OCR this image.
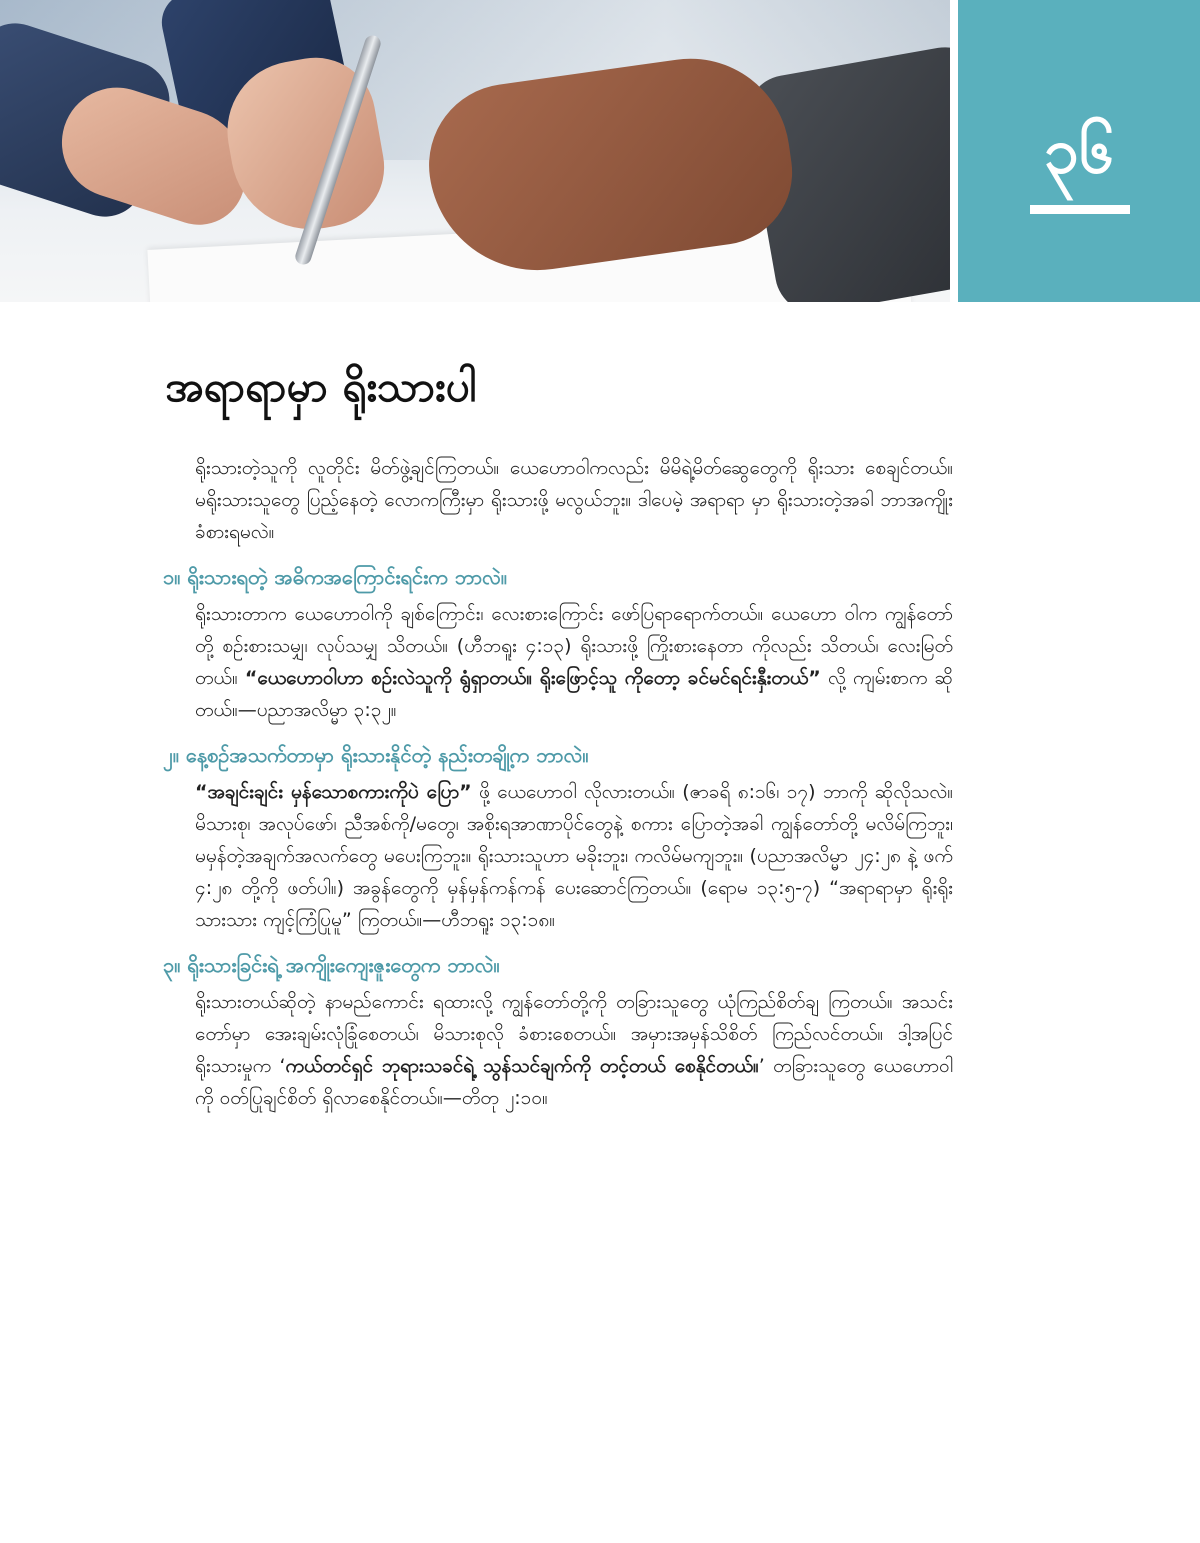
၃၆
အရာရာမှာ ရိုးသားပါ

ရိုးသားတဲ့သူကို လူတိုင်း မိတ်ဖွဲ့ချင်ကြတယ်။ ယေဟောဝါကလည်း မိမိရဲ့မိတ်ဆွေတွေကို ရိုးသား စေချင်တယ်။ မရိုးသားသူတွေ ပြည့်နေတဲ့ လောကကြီးမှာ ရိုးသားဖို့ မလွယ်ဘူး။ ဒါပေမဲ့ အရာရာ မှာ ရိုးသားတဲ့အခါ ဘာအကျိုးခံစားရမလဲ။

၁။ ရိုးသားရတဲ့ အဓိကအကြောင်းရင်းက ဘာလဲ။

ရိုးသားတာက ယေဟောဝါကို ချစ်ကြောင်း၊ လေးစားကြောင်း ဖော်ပြရာရောက်တယ်။ ယေဟော ဝါက ကျွန်တော်တို့ စဉ်းစားသမျှ၊ လုပ်သမျှ သိတယ်။ (ဟီဘရူး ၄:၁၃) ရိုးသားဖို့ ကြိုးစားနေတာ ကိုလည်း သိတယ်၊ လေးမြတ်တယ်။ “ယေဟောဝါဟာ စဉ်းလဲသူကို ရွံရှာတယ်။ ရိုးဖြောင့်သူ ကိုတော့ ခင်မင်ရင်းနှီးတယ်” လို့ ကျမ်းစာက ဆိုတယ်။—ပညာအလိမ္မာ ၃:၃၂။

၂။ နေ့စဉ်အသက်တာမှာ ရိုးသားနိုင်တဲ့ နည်းတချို့က ဘာလဲ။

“အချင်းချင်း မှန်သောစကားကိုပဲ ပြော” ဖို့ ယေဟောဝါ လိုလားတယ်။ (ဇာခရိ ၈:၁၆၊ ၁၇) ဘာကို ဆိုလိုသလဲ။ မိသားစု၊ အလုပ်ဖော်၊ ညီအစ်ကို/မတွေ၊ အစိုးရအာဏာပိုင်တွေနဲ့ စကား ပြောတဲ့အခါ ကျွန်တော်တို့ မလိမ်ကြဘူး၊ မမှန်တဲ့အချက်အလက်တွေ မပေးကြဘူး။ ရိုးသားသူဟာ မခိုးဘူး၊ ကလိမ်မကျဘူး။ (ပညာအလိမ္မာ ၂၄:၂၈ နဲ့ ဖက် ၄:၂၈ တို့ကို ဖတ်ပါ။) အခွန်တွေကို မှန်မှန်ကန်ကန် ပေးဆောင်ကြတယ်။ (ရောမ ၁၃:၅-၇) “အရာရာမှာ ရိုးရိုးသားသား ကျင့်ကြံပြုမူ” ကြတယ်။—ဟီဘရူး ၁၃:၁၈။

၃။ ရိုးသားခြင်းရဲ့ အကျိုးကျေးဇူးတွေက ဘာလဲ။

ရိုးသားတယ်ဆိုတဲ့ နာမည်ကောင်း ရထားလို့ ကျွန်တော်တို့ကို တခြားသူတွေ ယုံကြည်စိတ်ချ ကြတယ်။ အသင်းတော်မှာ အေးချမ်းလုံခြုံစေတယ်၊ မိသားစုလို ခံစားစေတယ်။ အမှားအမှန်သိစိတ် ကြည်လင်တယ်။ ဒါ့အပြင် ရိုးသားမှုက ‘ကယ်တင်ရှင် ဘုရားသခင်ရဲ့ သွန်သင်ချက်ကို တင့်တယ် စေနိုင်တယ်။’ တခြားသူတွေ ယေဟောဝါကို ဝတ်ပြုချင်စိတ် ရှိလာစေနိုင်တယ်။—တိတု ၂:၁၀။
